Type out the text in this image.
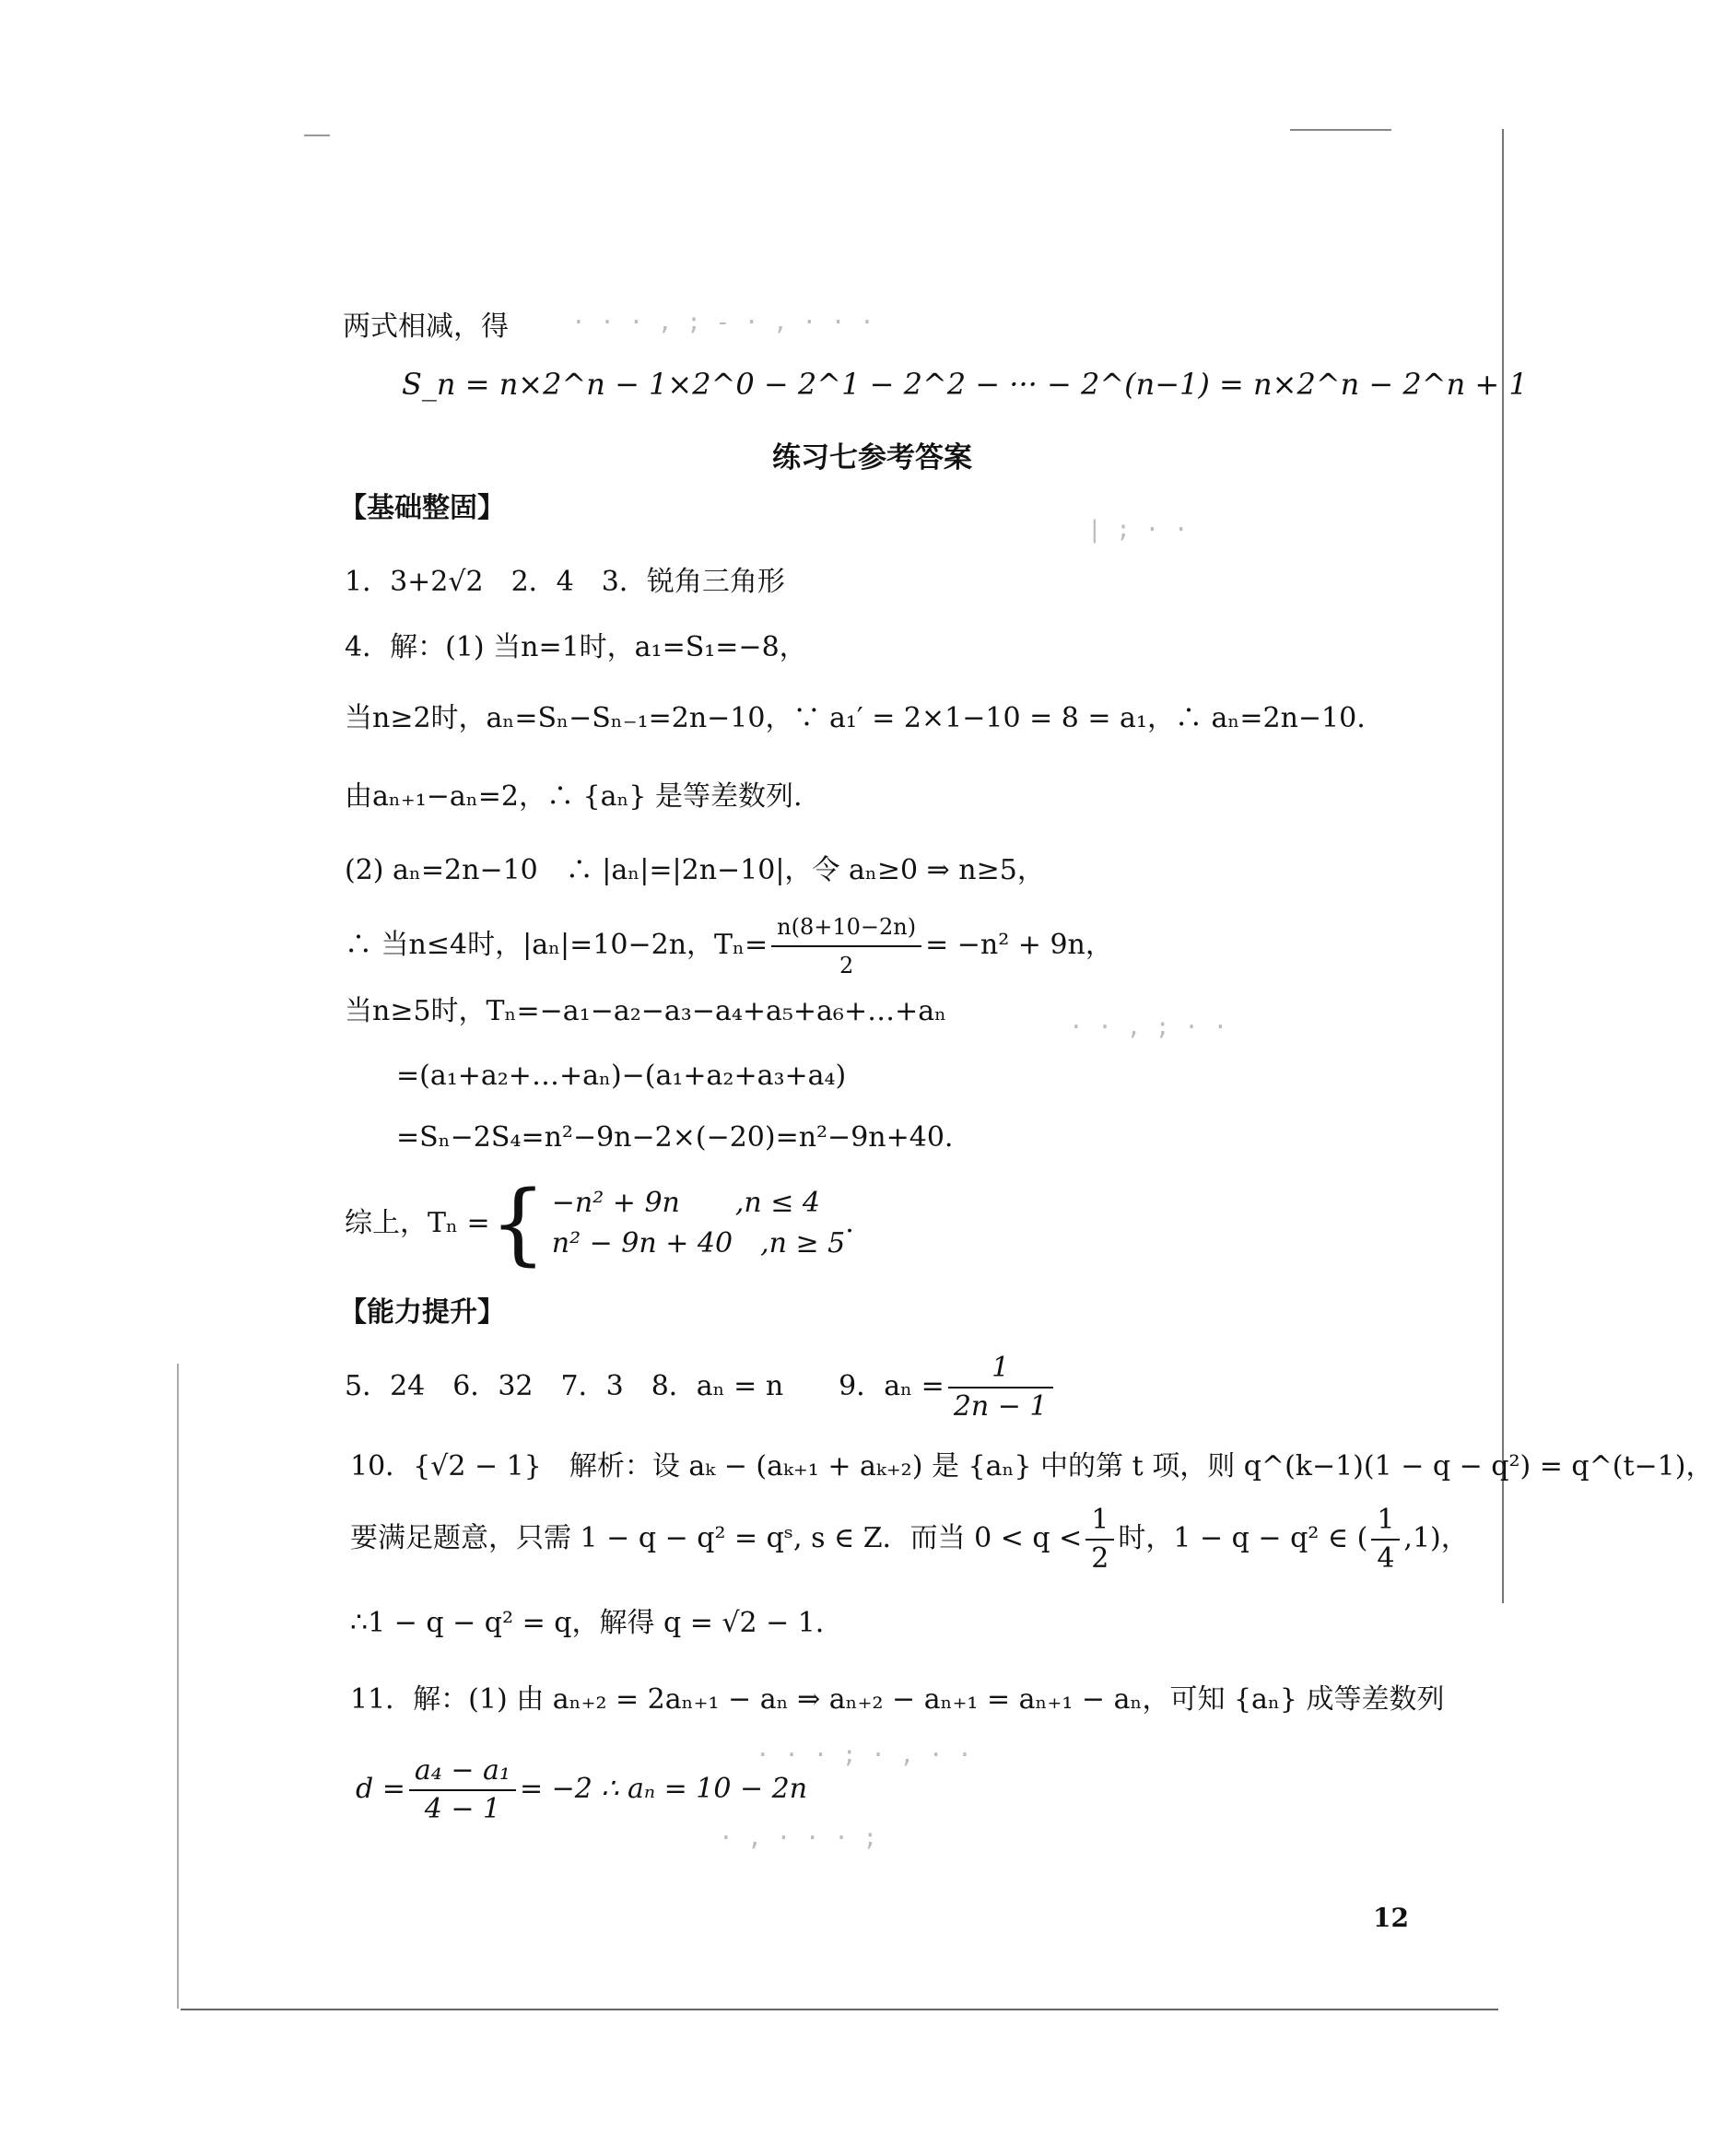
· · · , ; - · , · · ·
| ; · ·
· · , ; · ·
· · · ; · , · ·
· , · · · ;
两式相减，得
S_n = n×2^n − 1×2^0 − 2^1 − 2^2 − ··· − 2^(n−1) = n×2^n − 2^n + 1
练习七参考答案
【基础整固】
1．3+2√2　2．4　3．锐角三角形
4．解：(1) 当n=1时，a₁=S₁=−8，
当n≥2时，aₙ=Sₙ−Sₙ₋₁=2n−10，∵ a₁′ = 2×1−10 = 8 = a₁，∴ aₙ=2n−10.
由aₙ₊₁−aₙ=2，∴ {aₙ} 是等差数列.
(2) aₙ=2n−10　∴ |aₙ|=|2n−10|，令 aₙ≥0 ⇒ n≥5，
∴ 当n≤4时，|aₙ|=10−2n，$T_n= \frac{n(8+10-2n)}{2} = -n^2 + 9n$，
当n≥5时，Tₙ=−a₁−a₂−a₃−a₄+a₅+a₆+…+aₙ
=(a₁+a₂+…+aₙ)−(a₁+a₂+a₃+a₄)
=Sₙ−2S₄=n²−9n−2×(−20)=n²−9n+40.
综上，Tₙ ={ −n² + 9n　　,n ≤ 4
n² − 9n + 40　,n ≥ 5
.
【能力提升】
5．24　6．32　7．3　8．aₙ = n　　9．$a_n = \frac{1}{2n - 1}$
10．{√2 − 1}　解析：设 aₖ − (aₖ₊₁ + aₖ₊₂) 是 {aₙ} 中的第 t 项，则 q^(k−1)(1 − q − q²) = q^(t−1)，
要满足题意，只需 1 − q − q² = qˢ, s ∈ Z．而当 $0 < q < \frac{1}{2}$ 时，1 − q − q² ∈ ( $\frac{1}{4} ,1$)，
∴1 − q − q² = q，解得 q = √2 − 1．
11．解：(1) 由 aₙ₊₂ = 2aₙ₊₁ − aₙ ⇒ aₙ₊₂ − aₙ₊₁ = aₙ₊₁ − aₙ，可知 {aₙ} 成等差数列
$d = \frac{\text{a₄ − a₁}}{4 - 1} = -2$ ∴ aₙ = 10 − 2n
12
